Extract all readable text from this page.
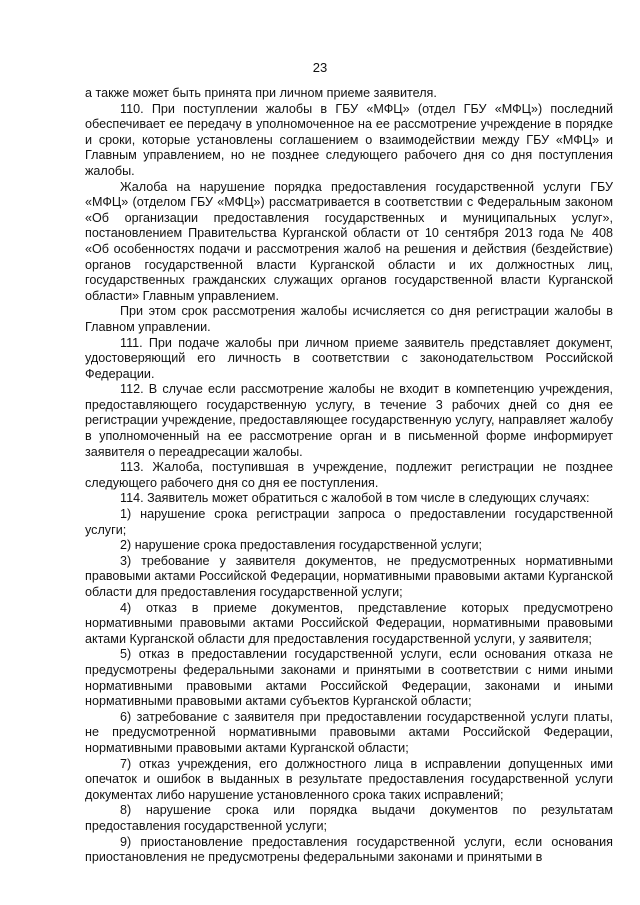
23

а также может быть принята при личном приеме заявителя.

110. При поступлении жалобы в ГБУ «МФЦ» (отдел ГБУ «МФЦ») последний обеспечивает ее передачу в уполномоченное на ее рассмотрение учреждение в порядке и сроки, которые установлены соглашением о взаимодействии между ГБУ «МФЦ» и Главным управлением, но не позднее следующего рабочего дня со дня поступления жалобы.

Жалоба на нарушение порядка предоставления государственной услуги ГБУ «МФЦ» (отделом ГБУ «МФЦ») рассматривается в соответствии с Федеральным законом «Об организации предоставления государственных и муниципальных услуг», постановлением Правительства Курганской области от 10 сентября 2013 года № 408 «Об особенностях подачи и рассмотрения жалоб на решения и действия (бездействие) органов государственной власти Курганской области и их должностных лиц, государственных гражданских служащих органов государственной власти Курганской области» Главным управлением.

При этом срок рассмотрения жалобы исчисляется со дня регистрации жалобы в Главном управлении.

111. При подаче жалобы при личном приеме заявитель представляет документ, удостоверяющий его личность в соответствии с законодательством Российской Федерации.

112. В случае если рассмотрение жалобы не входит в компетенцию учреждения, предоставляющего государственную услугу, в течение 3 рабочих дней со дня ее регистрации учреждение, предоставляющее государственную услугу, направляет жалобу в уполномоченный на ее рассмотрение орган и в письменной форме информирует заявителя о переадресации жалобы.

113. Жалоба, поступившая в учреждение, подлежит регистрации не позднее следующего рабочего дня со дня ее поступления.

114. Заявитель может обратиться с жалобой в том числе в следующих случаях:

1) нарушение срока регистрации запроса о предоставлении государственной услуги;

2) нарушение срока предоставления государственной услуги;

3) требование у заявителя документов, не предусмотренных нормативными правовыми актами Российской Федерации, нормативными правовыми актами Курганской области для предоставления государственной услуги;

4) отказ в приеме документов, представление которых предусмотрено нормативными правовыми актами Российской Федерации, нормативными правовыми актами Курганской области для предоставления государственной услуги, у заявителя;

5) отказ в предоставлении государственной услуги, если основания отказа не предусмотрены федеральными законами и принятыми в соответствии с ними иными нормативными правовыми актами Российской Федерации, законами и иными нормативными правовыми актами субъектов Курганской области;

6) затребование с заявителя при предоставлении государственной услуги платы, не предусмотренной нормативными правовыми актами Российской Федерации, нормативными правовыми актами Курганской области;

7) отказ учреждения, его должностного лица в исправлении допущенных ими опечаток и ошибок в выданных в результате предоставления государственной услуги документах либо нарушение установленного срока таких исправлений;

8) нарушение срока или порядка выдачи документов по результатам предоставления государственной услуги;

9) приостановление предоставления государственной услуги, если основания приостановления не предусмотрены федеральными законами и принятыми в
